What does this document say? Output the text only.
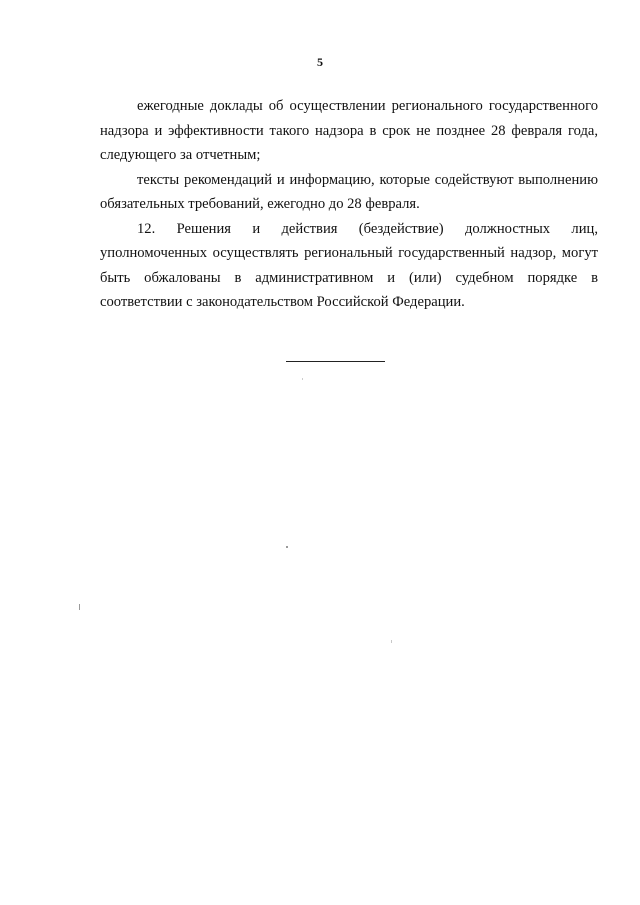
5

ежегодные доклады об осуществлении регионального государственного надзора и эффективности такого надзора в срок не позднее 28 февраля года, следующего за отчетным;

тексты рекомендаций и информацию, которые содействуют выполнению обязательных требований, ежегодно до 28 февраля.

12. Решения и действия (бездействие) должностных лиц, уполномоченных осуществлять региональный государственный надзор, могут быть обжалованы в административном и (или) судебном порядке в соответствии с законодательством Российской Федерации.
